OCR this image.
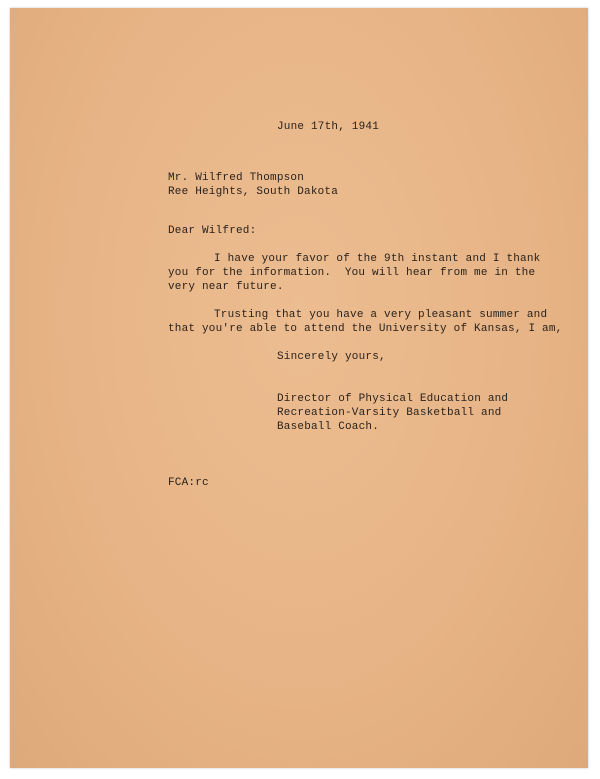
June 17th, 1941
Mr. Wilfred Thompson
Ree Heights, South Dakota
Dear Wilfred:
I have your favor of the 9th instant and I thank
you for the information.  You will hear from me in the
very near future.
Trusting that you have a very pleasant summer and
that you're able to attend the University of Kansas, I am,
Sincerely yours,
Director of Physical Education and
Recreation-Varsity Basketball and
Baseball Coach.
FCA:rc
